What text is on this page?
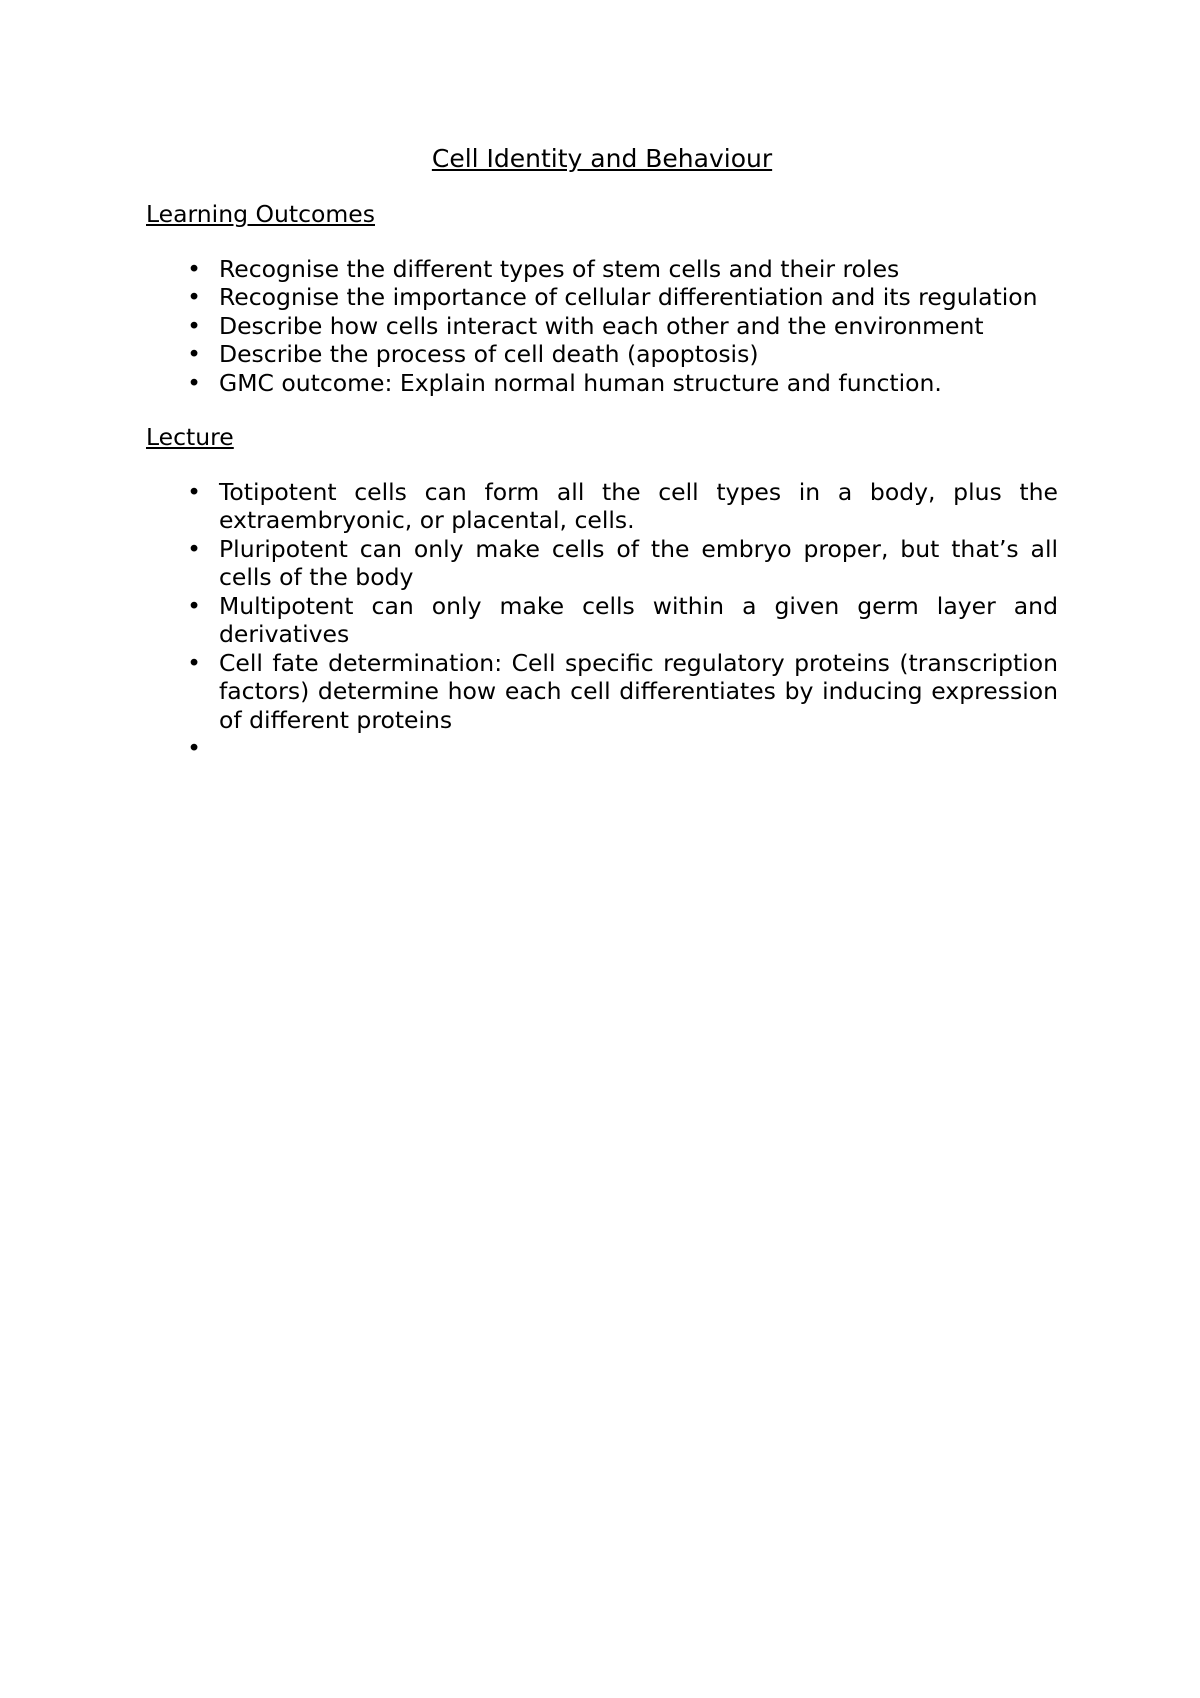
Cell Identity and Behaviour
Learning Outcomes
• Recognise the different types of stem cells and their roles
• Recognise the importance of cellular differentiation and its regulation
• Describe how cells interact with each other and the environment
• Describe the process of cell death (apoptosis)
• GMC outcome: Explain normal human structure and function.
Lecture
• Totipotent cells can form all the cell types in a body, plus the extraembryonic, or placental, cells.
• Pluripotent can only make cells of the embryo proper, but that’s all cells of the body
• Multipotent can only make cells within a given germ layer and derivatives
• Cell fate determination: Cell specific regulatory proteins (transcription factors) determine how each cell differentiates by inducing expression of different proteins
•
